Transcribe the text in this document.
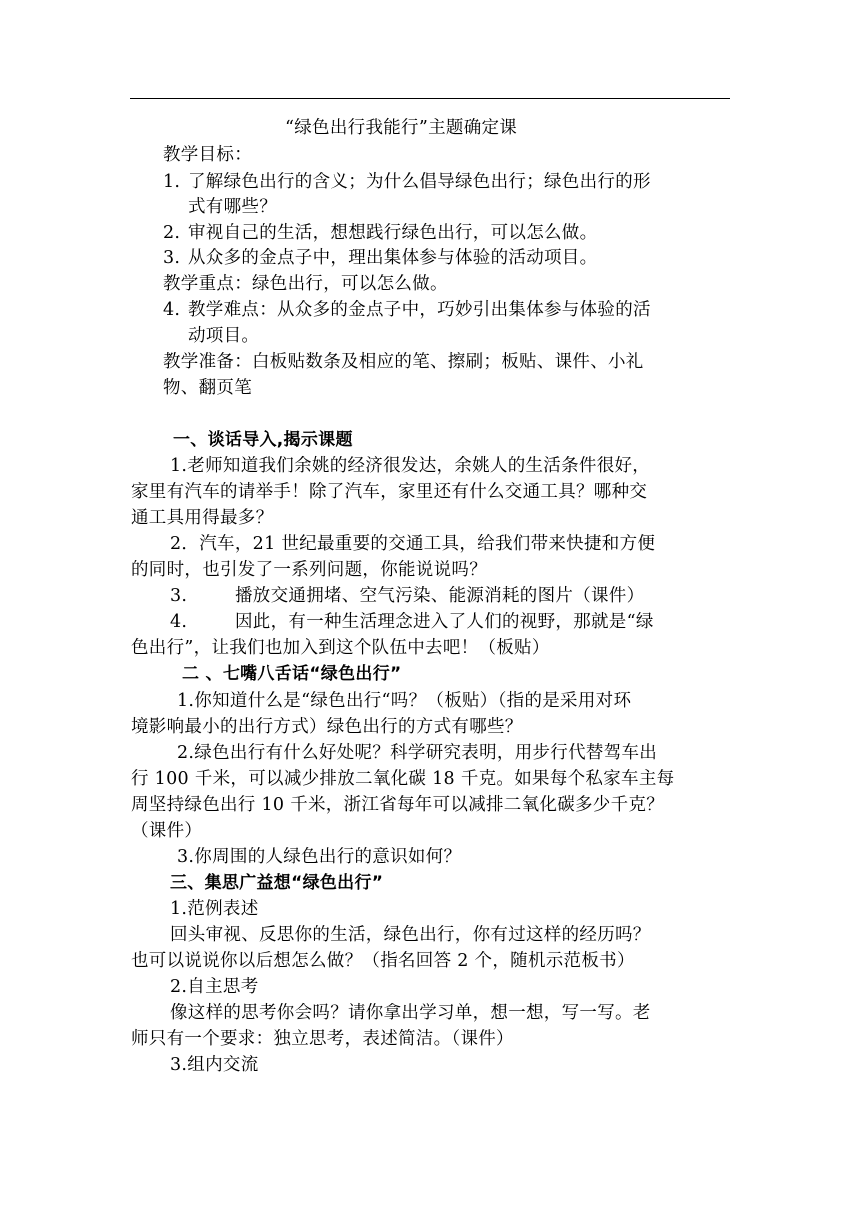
“绿色出行我能行”主题确定课
教学目标：
1. 了解绿色出行的含义；为什么倡导绿色出行；绿色出行的形
式有哪些？
2. 审视自己的生活，想想践行绿色出行，可以怎么做。
3. 从众多的金点子中，理出集体参与体验的活动项目。
教学重点：绿色出行，可以怎么做。
4. 教学难点：从众多的金点子中，巧妙引出集体参与体验的活
动项目。
教学准备：白板贴数条及相应的笔、擦刷；板贴、课件、小礼
物、翻页笔
一、谈话导入,揭示课题
1.老师知道我们余姚的经济很发达，余姚人的生活条件很好，
家里有汽车的请举手！除了汽车，家里还有什么交通工具？哪种交
通工具用得最多？
2．汽车，21 世纪最重要的交通工具，给我们带来快捷和方便
的同时，也引发了一系列问题，你能说说吗？
3.	播放交通拥堵、空气污染、能源消耗的图片（课件）
4.	因此，有一种生活理念进入了人们的视野，那就是“绿
色出行”，让我们也加入到这个队伍中去吧！（板贴）
二 、七嘴八舌话“绿色出行”
1.你知道什么是“绿色出行“吗？（板贴）（指的是采用对环
境影响最小的出行方式）绿色出行的方式有哪些？
2.绿色出行有什么好处呢？科学研究表明，用步行代替驾车出
行 100 千米，可以减少排放二氧化碳 18 千克。如果每个私家车主每
周坚持绿色出行 10 千米，浙江省每年可以减排二氧化碳多少千克？
（课件）
3.你周围的人绿色出行的意识如何？
三、集思广益想“绿色出行”
1.范例表述
回头审视、反思你的生活，绿色出行，你有过这样的经历吗？
也可以说说你以后想怎么做？（指名回答 2 个，随机示范板书）
2.自主思考
像这样的思考你会吗？请你拿出学习单，想一想，写一写。老
师只有一个要求：独立思考，表述简洁。（课件）
3.组内交流
